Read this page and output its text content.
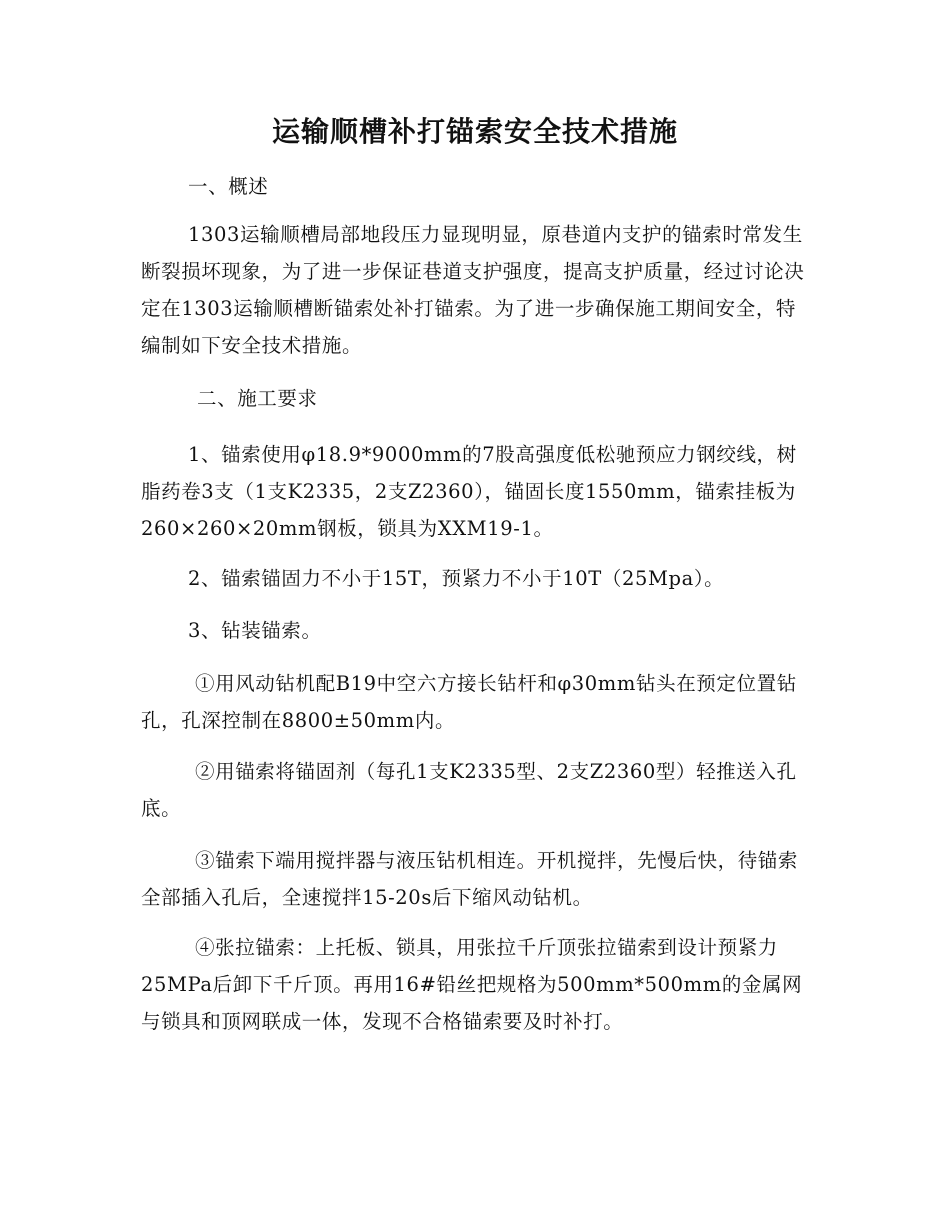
运输顺槽补打锚索安全技术措施
一、概述
1303运输顺槽局部地段压力显现明显，原巷道内支护的锚索时常发生断裂损坏现象，为了进一步保证巷道支护强度，提高支护质量，经过讨论决定在1303运输顺槽断锚索处补打锚索。为了进一步确保施工期间安全，特编制如下安全技术措施。
二、施工要求
1、锚索使用φ18.9*9000mm的7股高强度低松驰预应力钢绞线，树脂药卷3支（1支K2335，2支Z2360），锚固长度1550mm，锚索挂板为260×260×20mm钢板，锁具为XXM19-1。
2、锚索锚固力不小于15T，预紧力不小于10T（25Mpa）。
3、钻装锚索。
①用风动钻机配B19中空六方接长钻杆和φ30mm钻头在预定位置钻孔，孔深控制在8800±50mm内。
②用锚索将锚固剂（每孔1支K2335型、2支Z2360型）轻推送入孔底。
③锚索下端用搅拌器与液压钻机相连。开机搅拌，先慢后快，待锚索全部插入孔后，全速搅拌15-20s后下缩风动钻机。
④张拉锚索：上托板、锁具，用张拉千斤顶张拉锚索到设计预紧力25MPa后卸下千斤顶。再用16#铅丝把规格为500mm*500mm的金属网与锁具和顶网联成一体，发现不合格锚索要及时补打。
